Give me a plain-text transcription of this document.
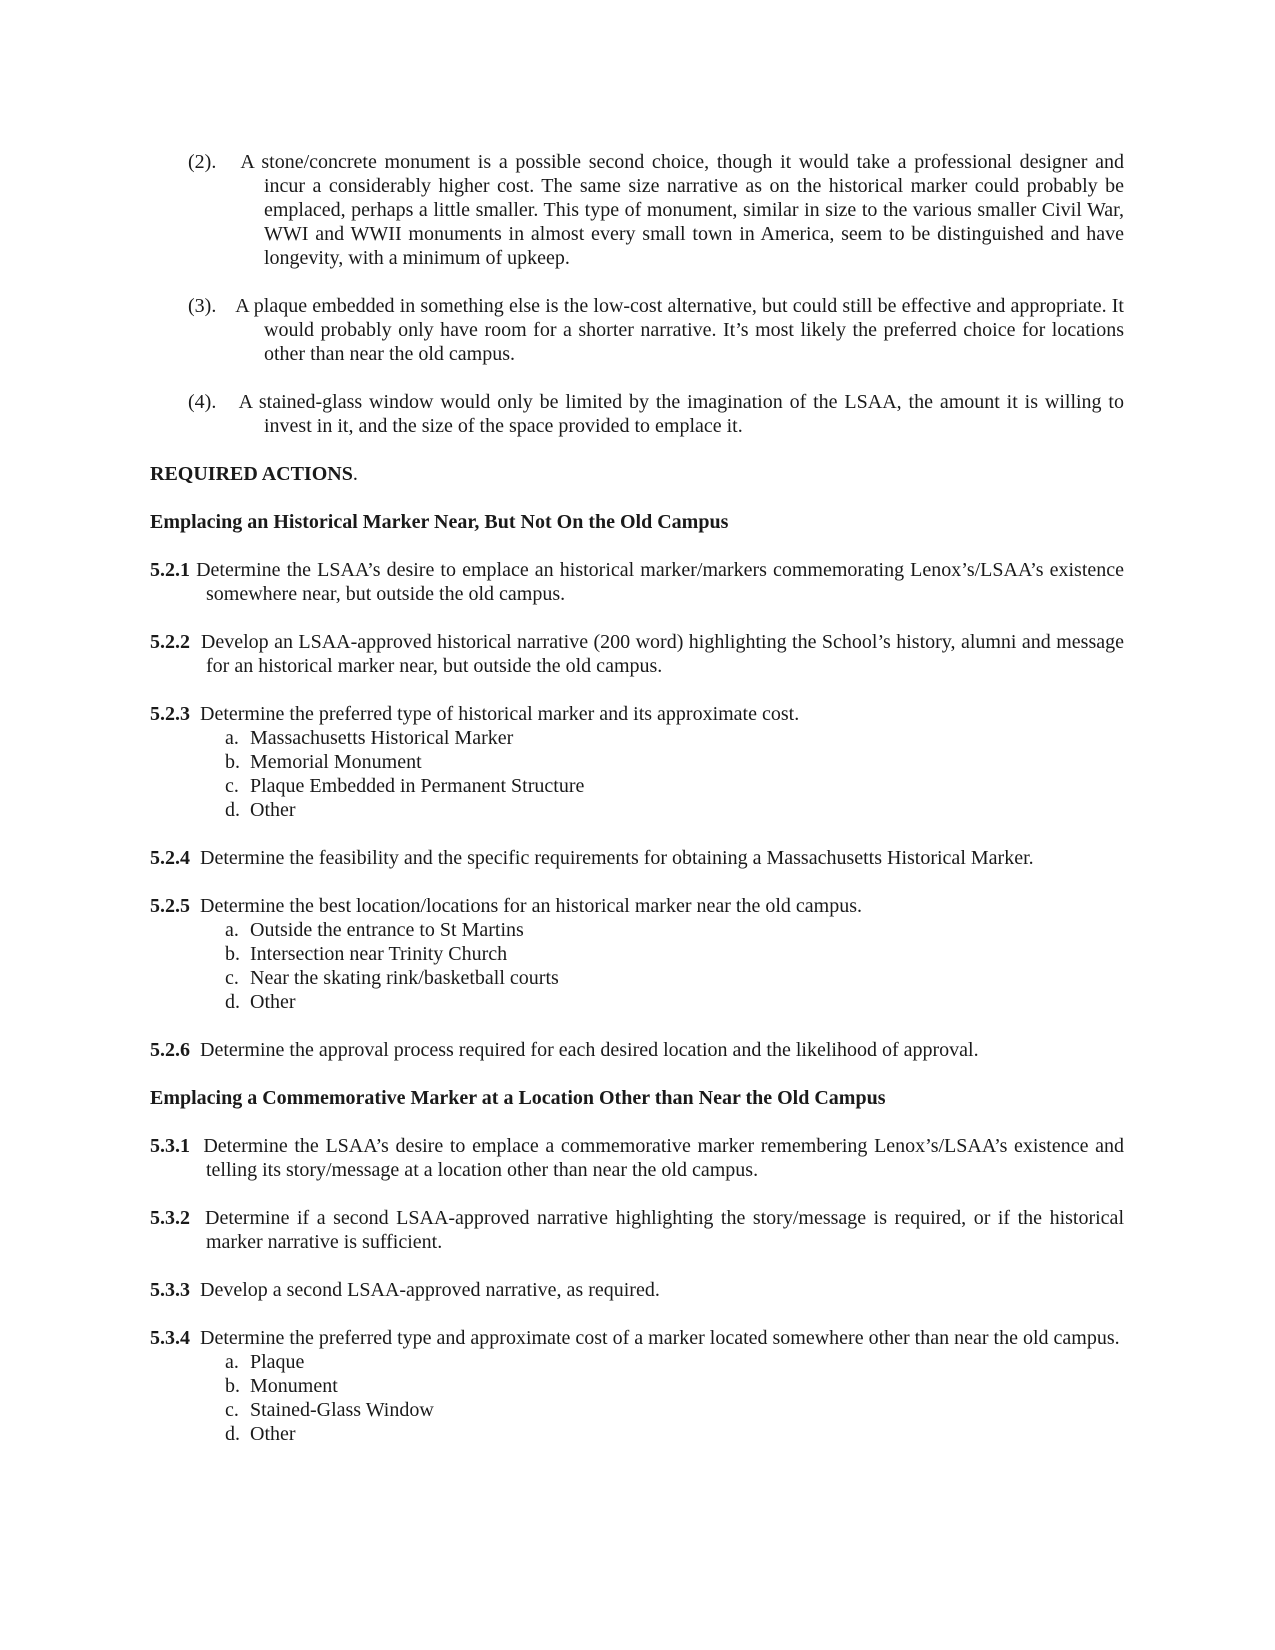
(2). A stone/concrete monument is a possible second choice, though it would take a professional designer and incur a considerably higher cost. The same size narrative as on the historical marker could probably be emplaced, perhaps a little smaller. This type of monument, similar in size to the various smaller Civil War, WWI and WWII monuments in almost every small town in America, seem to be distinguished and have longevity, with a minimum of upkeep.

(3). A plaque embedded in something else is the low-cost alternative, but could still be effective and appropriate. It would probably only have room for a shorter narrative. It’s most likely the preferred choice for locations other than near the old campus.

(4). A stained-glass window would only be limited by the imagination of the LSAA, the amount it is willing to invest in it, and the size of the space provided to emplace it.

REQUIRED ACTIONS.

Emplacing an Historical Marker Near, But Not On the Old Campus

5.2.1 Determine the LSAA’s desire to emplace an historical marker/markers commemorating Lenox’s/LSAA’s existence somewhere near, but outside the old campus.

5.2.2 Develop an LSAA-approved historical narrative (200 word) highlighting the School’s history, alumni and message for an historical marker near, but outside the old campus.

5.2.3 Determine the preferred type of historical marker and its approximate cost.

a. Massachusetts Historical Marker
b. Memorial Monument
c. Plaque Embedded in Permanent Structure
d. Other

5.2.4 Determine the feasibility and the specific requirements for obtaining a Massachusetts Historical Marker.

5.2.5 Determine the best location/locations for an historical marker near the old campus.

a. Outside the entrance to St Martins
b. Intersection near Trinity Church
c. Near the skating rink/basketball courts
d. Other

5.2.6 Determine the approval process required for each desired location and the likelihood of approval.

Emplacing a Commemorative Marker at a Location Other than Near the Old Campus

5.3.1 Determine the LSAA’s desire to emplace a commemorative marker remembering Lenox’s/LSAA’s existence and telling its story/message at a location other than near the old campus.

5.3.2 Determine if a second LSAA-approved narrative highlighting the story/message is required, or if the historical marker narrative is sufficient.

5.3.3 Develop a second LSAA-approved narrative, as required.

5.3.4 Determine the preferred type and approximate cost of a marker located somewhere other than near the old campus.

a. Plaque
b. Monument
c. Stained-Glass Window
d. Other
